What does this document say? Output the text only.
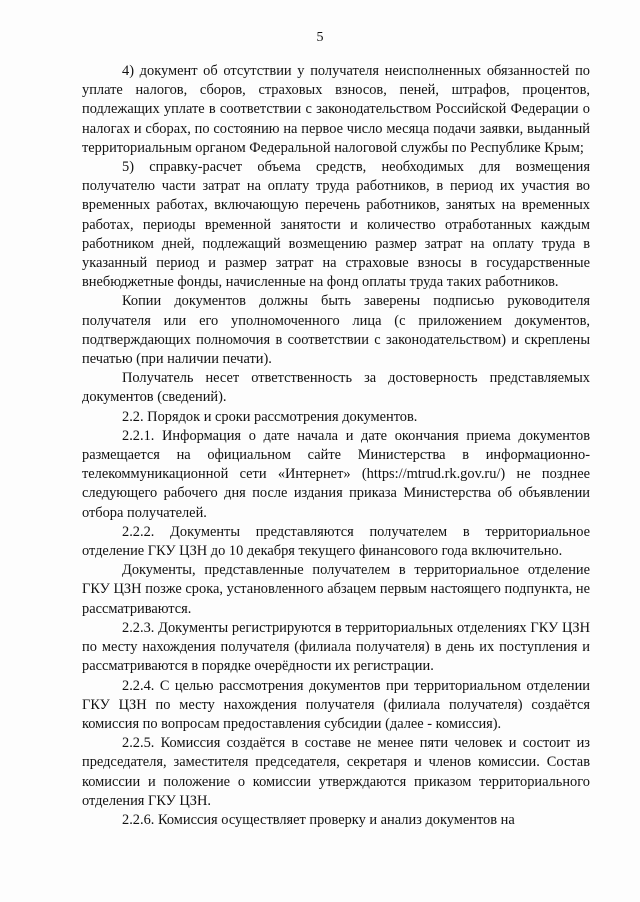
5

4) документ об отсутствии у получателя неисполненных обязанностей по уплате налогов, сборов, страховых взносов, пеней, штрафов, процентов, подлежащих уплате в соответствии с законодательством Российской Федерации о налогах и сборах, по состоянию на первое число месяца подачи заявки, выданный территориальным органом Федеральной налоговой службы по Республике Крым;

5) справку-расчет объема средств, необходимых для возмещения получателю части затрат на оплату труда работников, в период их участия во временных работах, включающую перечень работников, занятых на временных работах, периоды временной занятости и количество отработанных каждым работником дней, подлежащий возмещению размер затрат на оплату труда в указанный период и размер затрат на страховые взносы в государственные внебюджетные фонды, начисленные на фонд оплаты труда таких работников.

Копии документов должны быть заверены подписью руководителя получателя или его уполномоченного лица (с приложением документов, подтверждающих полномочия в соответствии с законодательством) и скреплены печатью (при наличии печати).

Получатель несет ответственность за достоверность представляемых документов (сведений).

2.2. Порядок и сроки рассмотрения документов.

2.2.1. Информация о дате начала и дате окончания приема документов размещается на официальном сайте Министерства в информационно-телекоммуникационной сети «Интернет» (https://mtrud.rk.gov.ru/) не позднее следующего рабочего дня после издания приказа Министерства об объявлении отбора получателей.

2.2.2. Документы представляются получателем в территориальное отделение ГКУ ЦЗН до 10 декабря текущего финансового года включительно.

Документы, представленные получателем в территориальное отделение ГКУ ЦЗН позже срока, установленного абзацем первым настоящего подпункта, не рассматриваются.

2.2.3. Документы регистрируются в территориальных отделениях ГКУ ЦЗН по месту нахождения получателя (филиала получателя) в день их поступления и рассматриваются в порядке очерёдности их регистрации.

2.2.4. С целью рассмотрения документов при территориальном отделении ГКУ ЦЗН по месту нахождения получателя (филиала получателя) создаётся комиссия по вопросам предоставления субсидии (далее - комиссия).

2.2.5. Комиссия создаётся в составе не менее пяти человек и состоит из председателя, заместителя председателя, секретаря и членов комиссии. Состав комиссии и положение о комиссии утверждаются приказом территориального отделения ГКУ ЦЗН.

2.2.6. Комиссия осуществляет проверку и анализ документов на
